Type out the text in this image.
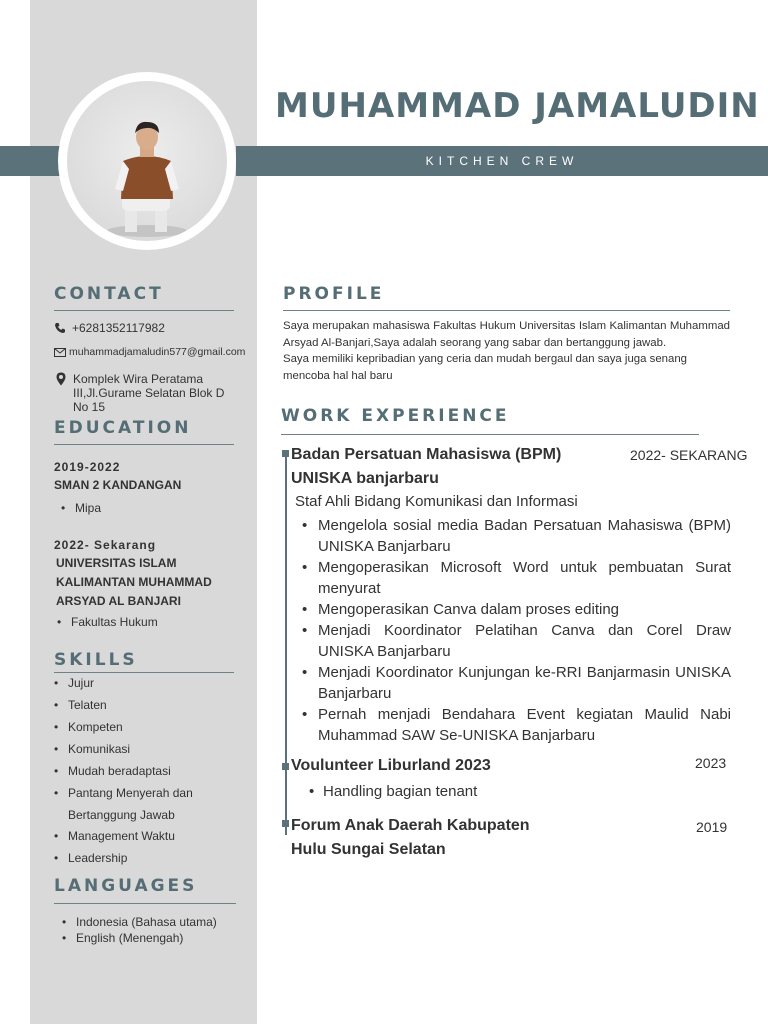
MUHAMMAD JAMALUDIN
KITCHEN CREW
CONTACT
+6281352117982
muhammadjamaludin577@gmail.com
Komplek Wira Peratama
III,Jl.Gurame Selatan Blok D
No 15
EDUCATION
2019-2022
SMAN 2 KANDANGAN
• Mipa
2022- Sekarang
UNIVERSITAS ISLAM
KALIMANTAN MUHAMMAD
ARSYAD AL BANJARI
• Fakultas Hukum
SKILLS
• Jujur
• Telaten
• Kompeten
• Komunikasi
• Mudah beradaptasi
• Pantang Menyerah dan
Bertanggung Jawab
• Management Waktu
• Leadership
LANGUAGES
• Indonesia (Bahasa utama)
• English (Menengah)
PROFILE
Saya merupakan mahasiswa Fakultas Hukum Universitas Islam Kalimantan Muhammad Arsyad Al-Banjari,Saya adalah seorang yang sabar dan bertanggung jawab.
Saya memiliki kepribadian yang ceria dan mudah bergaul dan saya juga senang mencoba hal hal baru
WORK EXPERIENCE
Badan Persatuan Mahasiswa (BPM)
UNISKA banjarbaru
2022- SEKARANG
Staf Ahli Bidang Komunikasi dan Informasi
• Mengelola sosial media Badan Persatuan Mahasiswa (BPM) UNISKA Banjarbaru
• Mengoperasikan Microsoft Word untuk pembuatan Surat menyurat
• Mengoperasikan Canva dalam proses editing
• Menjadi Koordinator Pelatihan Canva dan Corel Draw UNISKA Banjarbaru
• Menjadi Koordinator Kunjungan ke-RRI Banjarmasin UNISKA Banjarbaru
• Pernah menjadi Bendahara Event kegiatan Maulid Nabi Muhammad SAW Se-UNISKA Banjarbaru
Voulunteer Liburland 2023	2023
• Handling bagian tenant
Forum Anak Daerah Kabupaten
Hulu Sungai Selatan
2019
